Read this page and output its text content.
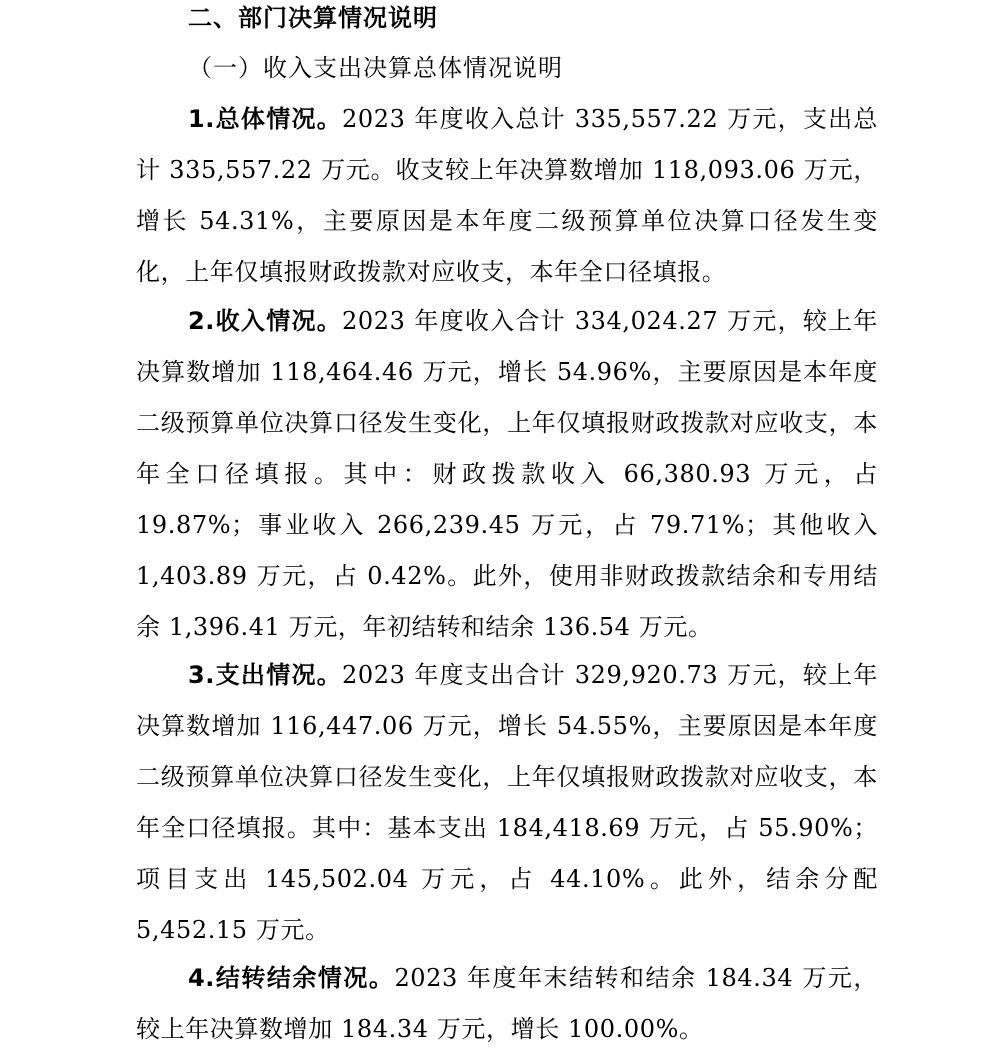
二、部门决算情况说明
（一）收入支出决算总体情况说明

1.总体情况。2023 年度收入总计 335,557.22 万元，支出总计 335,557.22 万元。收支较上年决算数增加 118,093.06 万元，增长 54.31%，主要原因是本年度二级预算单位决算口径发生变化，上年仅填报财政拨款对应收支，本年全口径填报。

2.收入情况。2023 年度收入合计 334,024.27 万元，较上年决算数增加 118,464.46 万元，增长 54.96%，主要原因是本年度二级预算单位决算口径发生变化，上年仅填报财政拨款对应收支，本年全口径填报。其中：财政拨款收入 66,380.93 万元，占 19.87%；事业收入 266,239.45 万元，占 79.71%；其他收入 1,403.89 万元，占 0.42%。此外，使用非财政拨款结余和专用结余 1,396.41 万元，年初结转和结余 136.54 万元。

3.支出情况。2023 年度支出合计 329,920.73 万元，较上年决算数增加 116,447.06 万元，增长 54.55%，主要原因是本年度二级预算单位决算口径发生变化，上年仅填报财政拨款对应收支，本年全口径填报。其中：基本支出 184,418.69 万元，占 55.90%；项目支出 145,502.04 万元，占 44.10%。此外，结余分配 5,452.15 万元。

4.结转结余情况。2023 年度年末结转和结余 184.34 万元，较上年决算数增加 184.34 万元，增长 100.00%。
